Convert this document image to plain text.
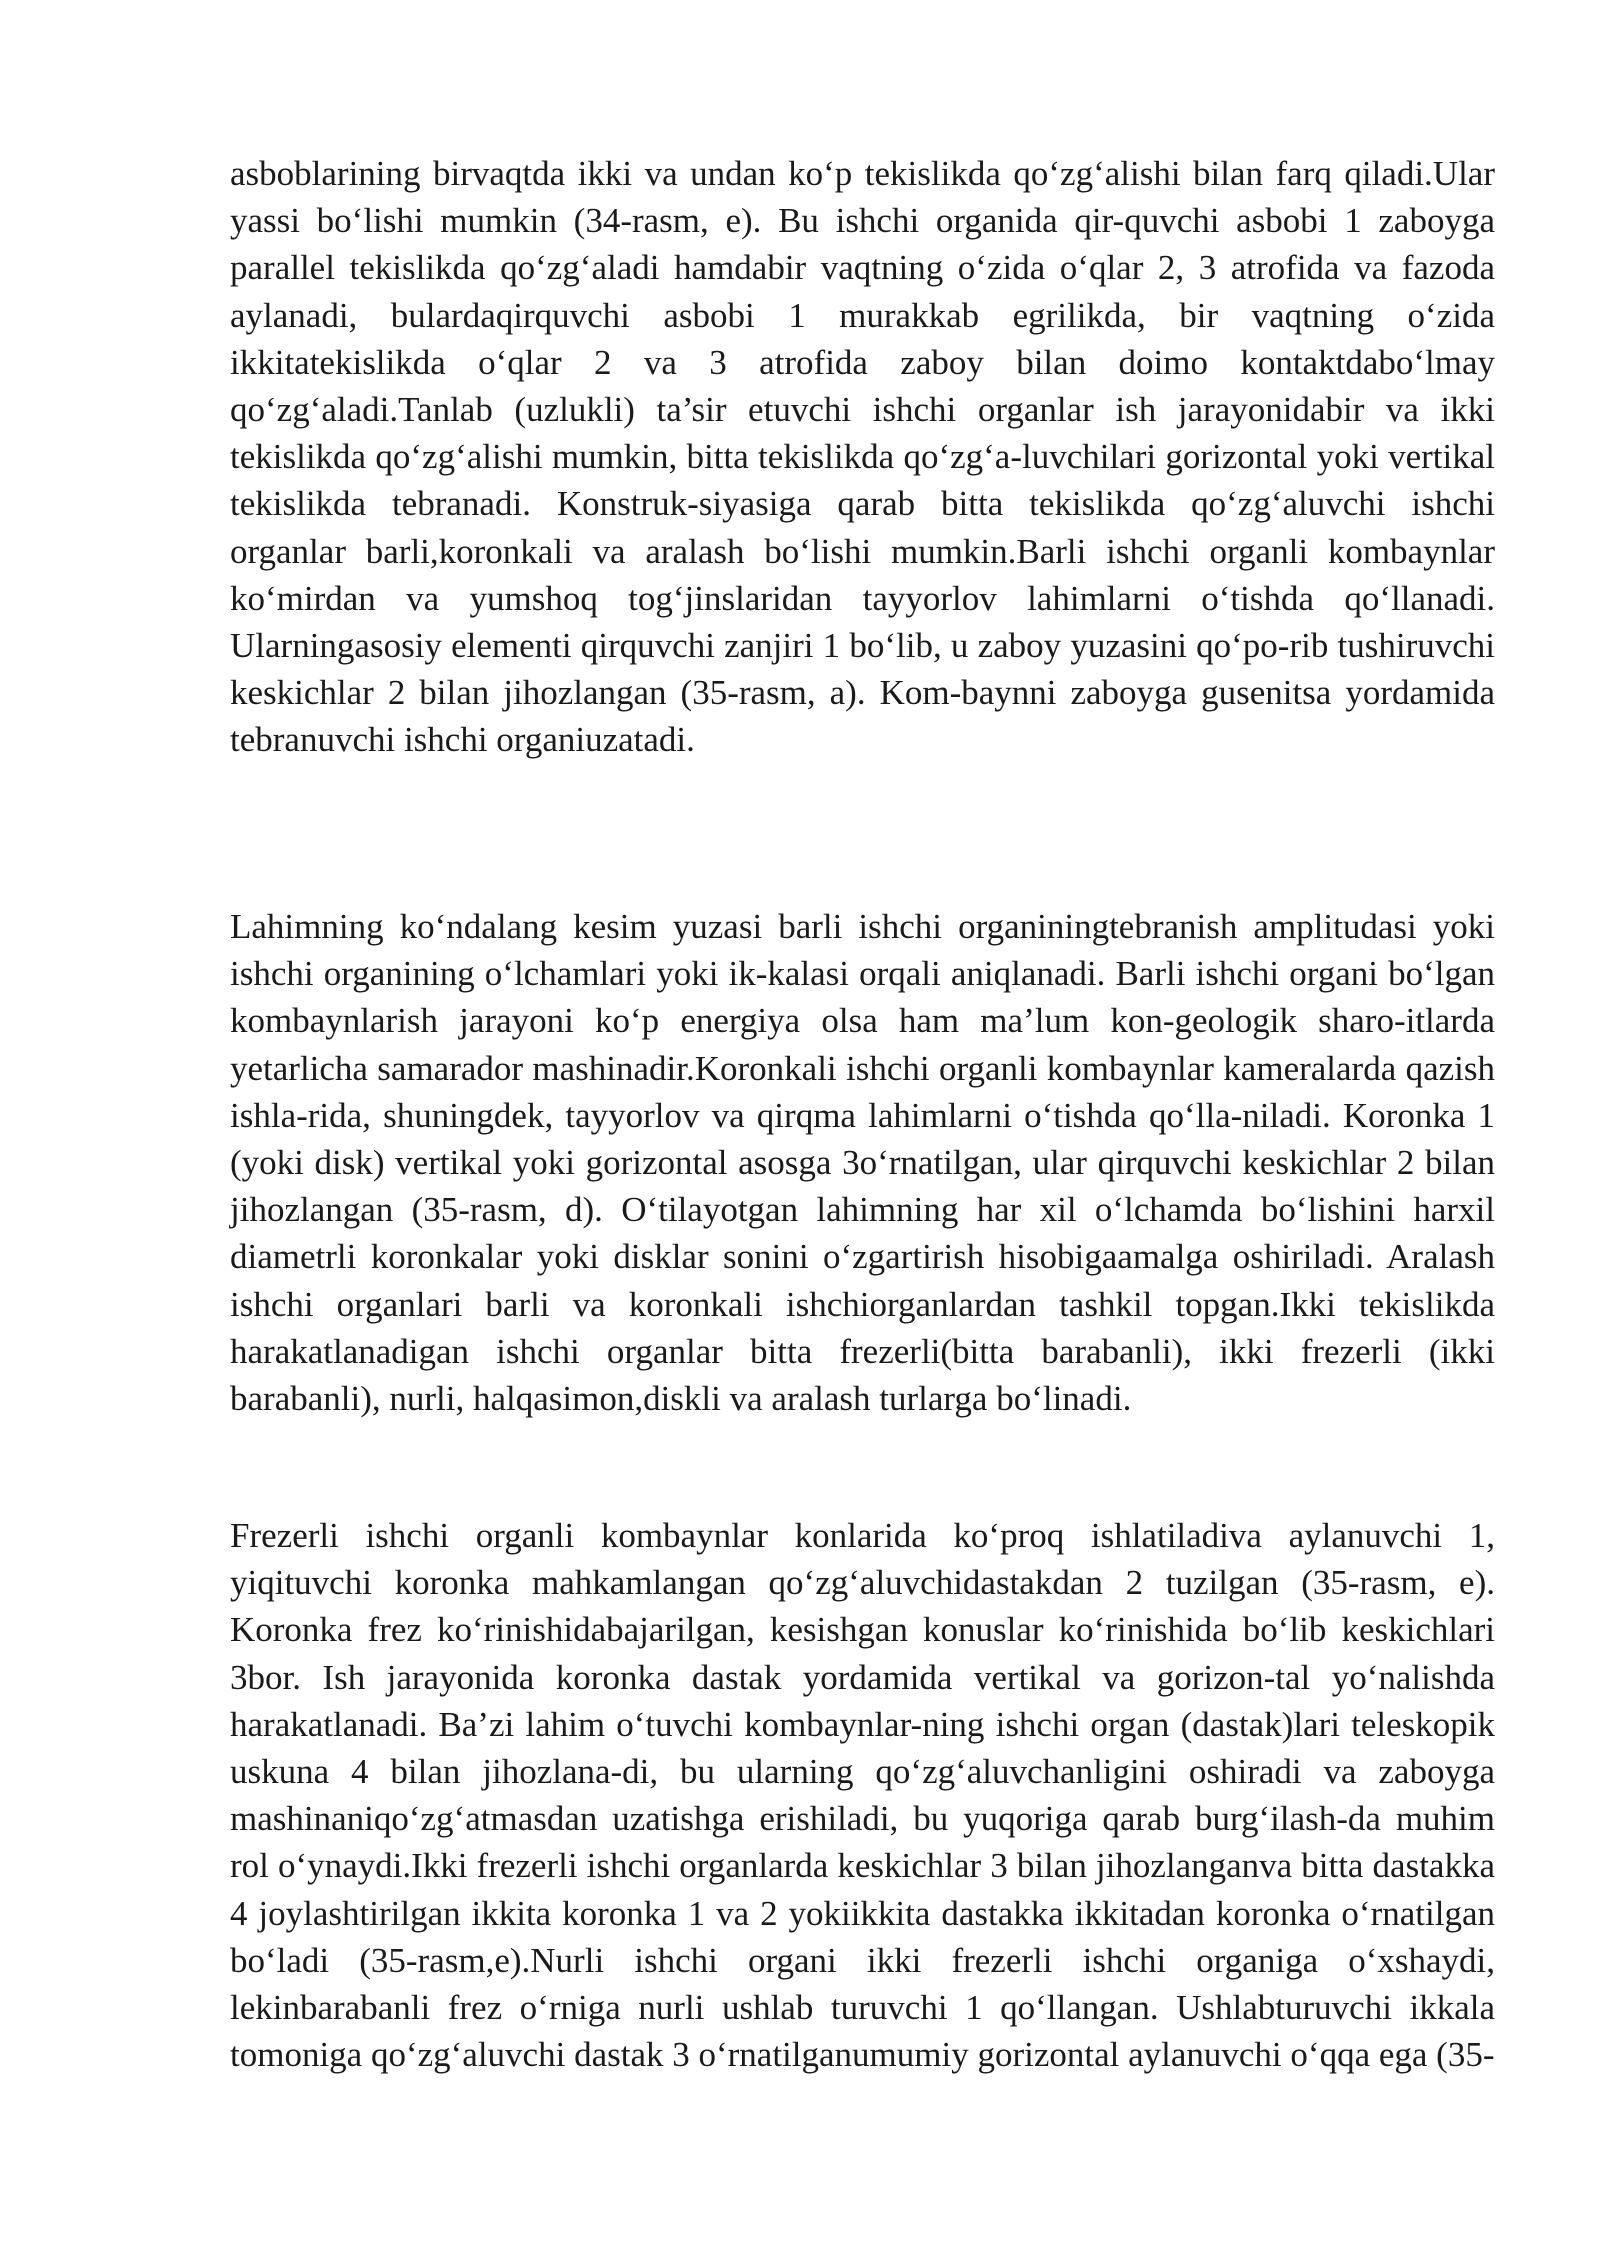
asboblarining birvaqtda ikki va undan ko‘p tekislikda qo‘zg‘alishi bilan farq qiladi.Ular yassi bo‘lishi mumkin (34-rasm, e). Bu ishchi organida qir-quvchi asbobi 1 zaboyga parallel tekislikda qo‘zg‘aladi hamdabir vaqtning o‘zida o‘qlar 2, 3 atrofida va fazoda aylanadi, bulardaqirquvchi asbobi 1 murakkab egrilikda, bir vaqtning o‘zida ikkitatekislikda o‘qlar 2 va 3 atrofida zaboy bilan doimo kontaktdabo‘lmay qo‘zg‘aladi.Tanlab (uzlukli) ta’sir etuvchi ishchi organlar ish jarayonidabir va ikki tekislikda qo‘zg‘alishi mumkin, bitta tekislikda qo‘zg‘a-luvchilari gorizontal yoki vertikal tekislikda tebranadi. Konstruk-siyasiga qarab bitta tekislikda qo‘zg‘aluvchi ishchi organlar barli,koronkali va aralash bo‘lishi mumkin.Barli ishchi organli kombaynlar ko‘mirdan va yumshoq tog‘jinslaridan tayyorlov lahimlarni o‘tishda qo‘llanadi. Ularningasosiy elementi qirquvchi zanjiri 1 bo‘lib, u zaboy yuzasini qo‘po-rib tushiruvchi keskichlar 2 bilan jihozlangan (35-rasm, a). Kom-baynni zaboyga gusenitsa yordamida tebranuvchi ishchi organiuzatadi.

Lahimning ko‘ndalang kesim yuzasi barli ishchi organiningtebranish amplitudasi yoki ishchi organining o‘lchamlari yoki ik-kalasi orqali aniqlanadi. Barli ishchi organi bo‘lgan kombaynlarish jarayoni ko‘p energiya olsa ham ma’lum kon-geologik sharo-itlarda yetarlicha samarador mashinadir.Koronkali ishchi organli kombaynlar kameralarda qazish ishla-rida, shuningdek, tayyorlov va qirqma lahimlarni o‘tishda qo‘lla-niladi. Koronka 1 (yoki disk) vertikal yoki gorizontal asosga 3o‘rnatilgan, ular qirquvchi keskichlar 2 bilan jihozlangan (35-rasm, d). O‘tilayotgan lahimning har xil o‘lchamda bo‘lishini harxil diametrli koronkalar yoki disklar sonini o‘zgartirish hisobigaamalga oshiriladi. Aralash ishchi organlari barli va koronkali ishchiorganlardan tashkil topgan.Ikki tekislikda harakatlanadigan ishchi organlar bitta frezerli(bitta barabanli), ikki frezerli (ikki barabanli), nurli, halqasimon,diskli va aralash turlarga bo‘linadi.

Frezerli ishchi organli kombaynlar konlarida ko‘proq ishlatiladiva aylanuvchi 1, yiqituvchi koronka mahkamlangan qo‘zg‘aluvchidastakdan 2 tuzilgan (35-rasm, e). Koronka frez ko‘rinishidabajarilgan, kesishgan konuslar ko‘rinishida bo‘lib keskichlari 3bor. Ish jarayonida koronka dastak yordamida vertikal va gorizon-tal yo‘nalishda harakatlanadi. Ba’zi lahim o‘tuvchi kombaynlar-ning ishchi organ (dastak)lari teleskopik uskuna 4 bilan jihozlana-di, bu ularning qo‘zg‘aluvchanligini oshiradi va zaboyga mashinaniqo‘zg‘atmasdan uzatishga erishiladi, bu yuqoriga qarab burg‘ilash-da muhim rol o‘ynaydi.Ikki frezerli ishchi organlarda keskichlar 3 bilan jihozlanganva bitta dastakka 4 joylashtirilgan ikkita koronka 1 va 2 yokiikkita dastakka ikkitadan koronka o‘rnatilgan bo‘ladi (35-rasm,e).Nurli ishchi organi ikki frezerli ishchi organiga o‘xshaydi, lekinbarabanli frez o‘rniga nurli ushlab turuvchi 1 qo‘llangan. Ushlabturuvchi ikkala tomoniga qo‘zg‘aluvchi dastak 3 o‘rnatilganumumiy gorizontal aylanuvchi o‘qqa ega (35-
